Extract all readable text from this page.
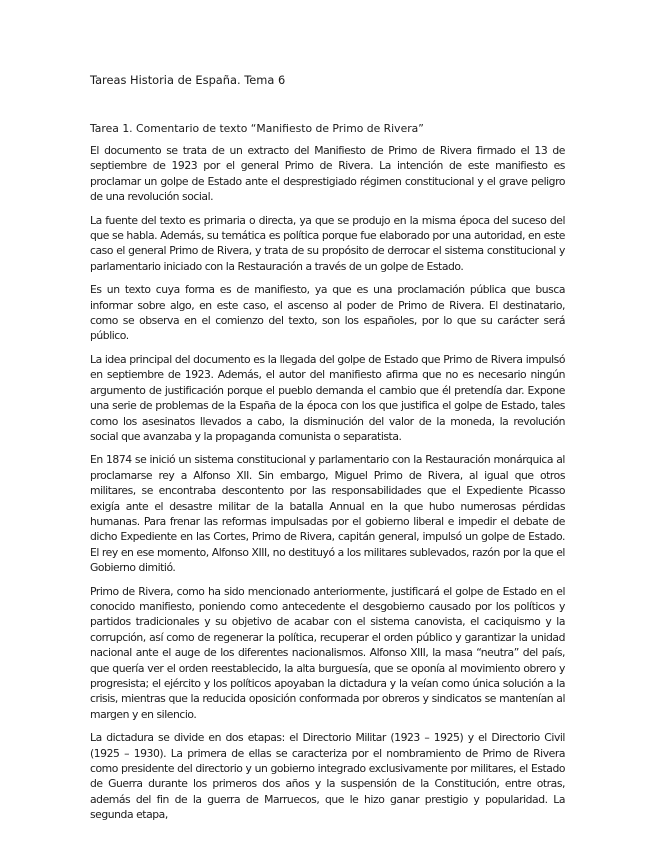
Tareas Historia de España. Tema 6
Tarea 1. Comentario de texto “Manifiesto de Primo de Rivera”

El documento se trata de un extracto del Manifiesto de Primo de Rivera firmado el 13 de septiembre de 1923 por el general Primo de Rivera. La intención de este manifiesto es proclamar un golpe de Estado ante el desprestigiado régimen constitucional y el grave peligro de una revolución social.

La fuente del texto es primaria o directa, ya que se produjo en la misma época del suceso del que se habla. Además, su temática es política porque fue elaborado por una autoridad, en este caso el general Primo de Rivera, y trata de su propósito de derrocar el sistema constitucional y parlamentario iniciado con la Restauración a través de un golpe de Estado.

Es un texto cuya forma es de manifiesto, ya que es una proclamación pública que busca informar sobre algo, en este caso, el ascenso al poder de Primo de Rivera. El destinatario, como se observa en el comienzo del texto, son los españoles, por lo que su carácter será público.

La idea principal del documento es la llegada del golpe de Estado que Primo de Rivera impulsó en septiembre de 1923. Además, el autor del manifiesto afirma que no es necesario ningún argumento de justificación porque el pueblo demanda el cambio que él pretendía dar. Expone una serie de problemas de la España de la época con los que justifica el golpe de Estado, tales como los asesinatos llevados a cabo, la disminución del valor de la moneda, la revolución social que avanzaba y la propaganda comunista o separatista.

En 1874 se inició un sistema constitucional y parlamentario con la Restauración monárquica al proclamarse rey a Alfonso XII. Sin embargo, Miguel Primo de Rivera, al igual que otros militares, se encontraba descontento por las responsabilidades que el Expediente Picasso exigía ante el desastre militar de la batalla Annual en la que hubo numerosas pérdidas humanas. Para frenar las reformas impulsadas por el gobierno liberal e impedir el debate de dicho Expediente en las Cortes, Primo de Rivera, capitán general, impulsó un golpe de Estado. El rey en ese momento, Alfonso XIII, no destituyó a los militares sublevados, razón por la que el Gobierno dimitió.

Primo de Rivera, como ha sido mencionado anteriormente, justificará el golpe de Estado en el conocido manifiesto, poniendo como antecedente el desgobierno causado por los políticos y partidos tradicionales y su objetivo de acabar con el sistema canovista, el caciquismo y la corrupción, así como de regenerar la política, recuperar el orden público y garantizar la unidad nacional ante el auge de los diferentes nacionalismos. Alfonso XIII, la masa “neutra” del país, que quería ver el orden reestablecido, la alta burguesía, que se oponía al movimiento obrero y progresista; el ejército y los políticos apoyaban la dictadura y la veían como única solución a la crisis, mientras que la reducida oposición conformada por obreros y sindicatos se mantenían al margen y en silencio.

La dictadura se divide en dos etapas: el Directorio Militar (1923 – 1925) y el Directorio Civil (1925 – 1930). La primera de ellas se caracteriza por el nombramiento de Primo de Rivera como presidente del directorio y un gobierno integrado exclusivamente por militares, el Estado de Guerra durante los primeros dos años y la suspensión de la Constitución, entre otras, además del fin de la guerra de Marruecos, que le hizo ganar prestigio y popularidad. La segunda etapa,
